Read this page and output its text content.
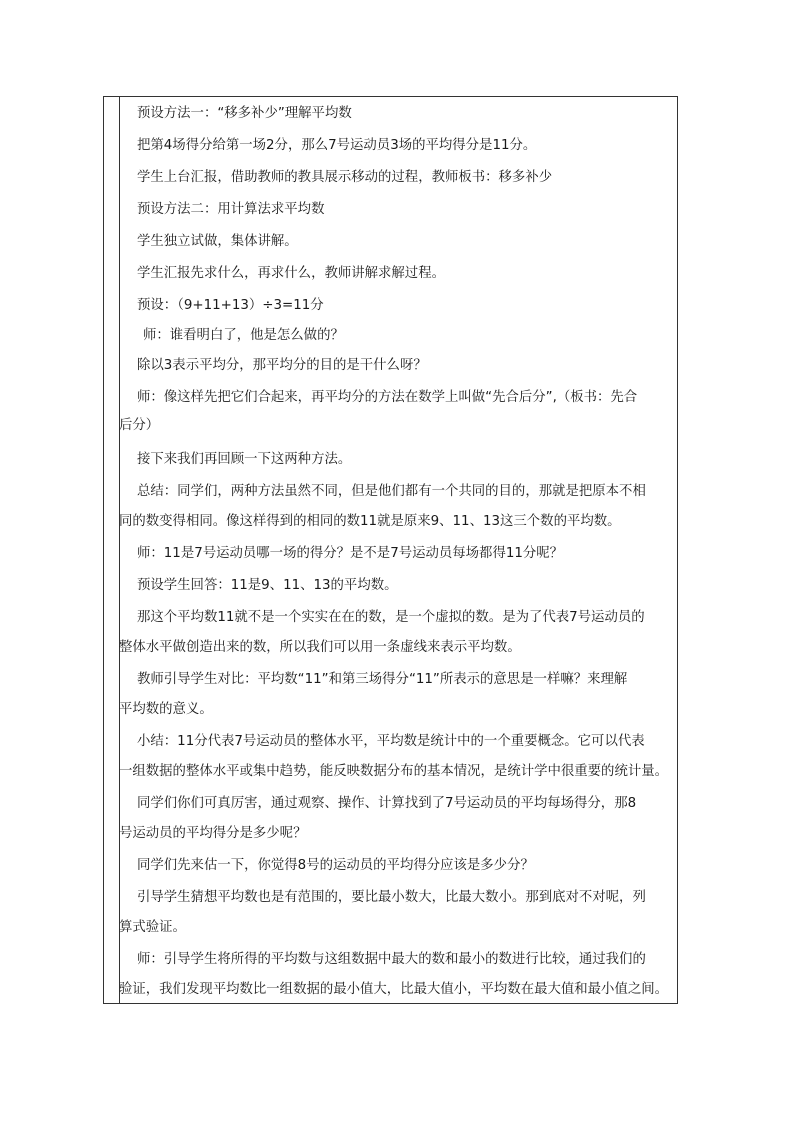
预设方法一：“移多补少”理解平均数
把第4场得分给第一场2分，那么7号运动员3场的平均得分是11分。
学生上台汇报，借助教师的教具展示移动的过程，教师板书：移多补少
预设方法二：用计算法求平均数
学生独立试做，集体讲解。
学生汇报先求什么，再求什么，教师讲解求解过程。
预设：（9+11+13）÷3=11分
师：谁看明白了，他是怎么做的？
除以3表示平均分，那平均分的目的是干什么呀？
师：像这样先把它们合起来，再平均分的方法在数学上叫做“先合后分”,（板书：先合
后分）
接下来我们再回顾一下这两种方法。
总结：同学们，两种方法虽然不同，但是他们都有一个共同的目的，那就是把原本不相
同的数变得相同。像这样得到的相同的数11就是原来9、11、13这三个数的平均数。
师：11是7号运动员哪一场的得分？是不是7号运动员每场都得11分呢？
预设学生回答：11是9、11、13的平均数。
那这个平均数11就不是一个实实在在的数，是一个虚拟的数。是为了代表7号运动员的
整体水平做创造出来的数，所以我们可以用一条虚线来表示平均数。
教师引导学生对比：平均数“11”和第三场得分“11”所表示的意思是一样嘛？来理解
平均数的意义。
小结：11分代表7号运动员的整体水平，平均数是统计中的一个重要概念。它可以代表
一组数据的整体水平或集中趋势，能反映数据分布的基本情况，是统计学中很重要的统计量。
同学们你们可真厉害，通过观察、操作、计算找到了7号运动员的平均每场得分，那8
号运动员的平均得分是多少呢？
同学们先来估一下，你觉得8号的运动员的平均得分应该是多少分？
引导学生猜想平均数也是有范围的，要比最小数大，比最大数小。那到底对不对呢，列
算式验证。
师：引导学生将所得的平均数与这组数据中最大的数和最小的数进行比较，通过我们的
验证，我们发现平均数比一组数据的最小值大，比最大值小，平均数在最大值和最小值之间。
